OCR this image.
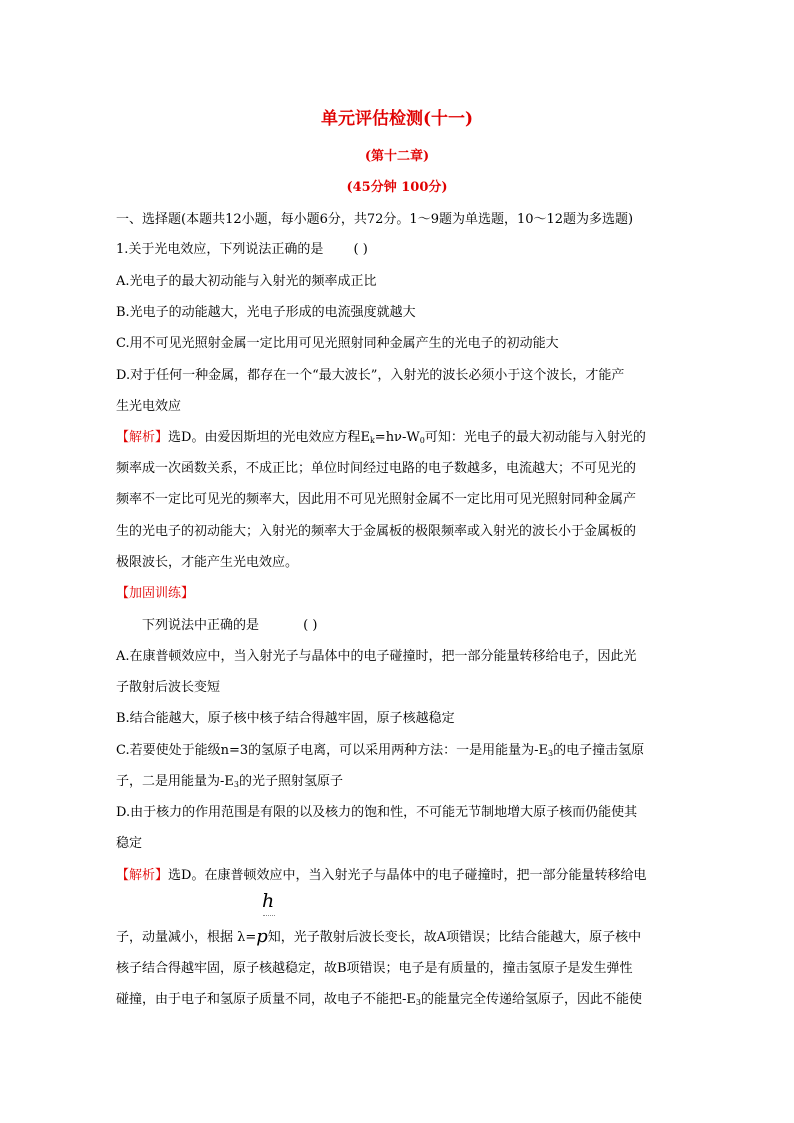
单元评估检测(十一)
(第十二章)
(45分钟 100分)
一、选择题(本题共12小题，每小题6分，共72分。1～9题为单选题，10～12题为多选题)
1.关于光电效应，下列说法正确的是 ( )
A.光电子的最大初动能与入射光的频率成正比
B.光电子的动能越大，光电子形成的电流强度就越大
C.用不可见光照射金属一定比用可见光照射同种金属产生的光电子的初动能大
D.对于任何一种金属，都存在一个“最大波长”，入射光的波长必须小于这个波长，才能产
生光电效应
【解析】选D。由爱因斯坦的光电效应方程$E_k=h\nu-W_0$可知：光电子的最大初动能与入射光的
频率成一次函数关系，不成正比；单位时间经过电路的电子数越多，电流越大；不可见光的
频率不一定比可见光的频率大，因此用不可见光照射金属不一定比用可见光照射同种金属产
生的光电子的初动能大；入射光的频率大于金属板的极限频率或入射光的波长小于金属板的
极限波长，才能产生光电效应。
【加固训练】
下列说法中正确的是	( )
A.在康普顿效应中，当入射光子与晶体中的电子碰撞时，把一部分能量转移给电子，因此光
子散射后波长变短
B.结合能越大，原子核中核子结合得越牢固，原子核越稳定
C.若要使处于能级n=3的氢原子电离，可以采用两种方法：一是用能量为$-E_3$的电子撞击氢原
子，二是用能量为$-E_3$的光子照射氢原子
D.由于核力的作用范围是有限的以及核力的饱和性，不可能无节制地增大原子核而仍能使其
稳定
【解析】选D。在康普顿效应中，当入射光子与晶体中的电子碰撞时，把一部分能量转移给电
h
子，动量减小，根据 λ=p知，光子散射后波长变长，故A项错误；比结合能越大，原子核中
核子结合得越牢固，原子核越稳定，故B项错误；电子是有质量的，撞击氢原子是发生弹性
碰撞，由于电子和氢原子质量不同，故电子不能把$-E_3$的能量完全传递给氢原子，因此不能使
